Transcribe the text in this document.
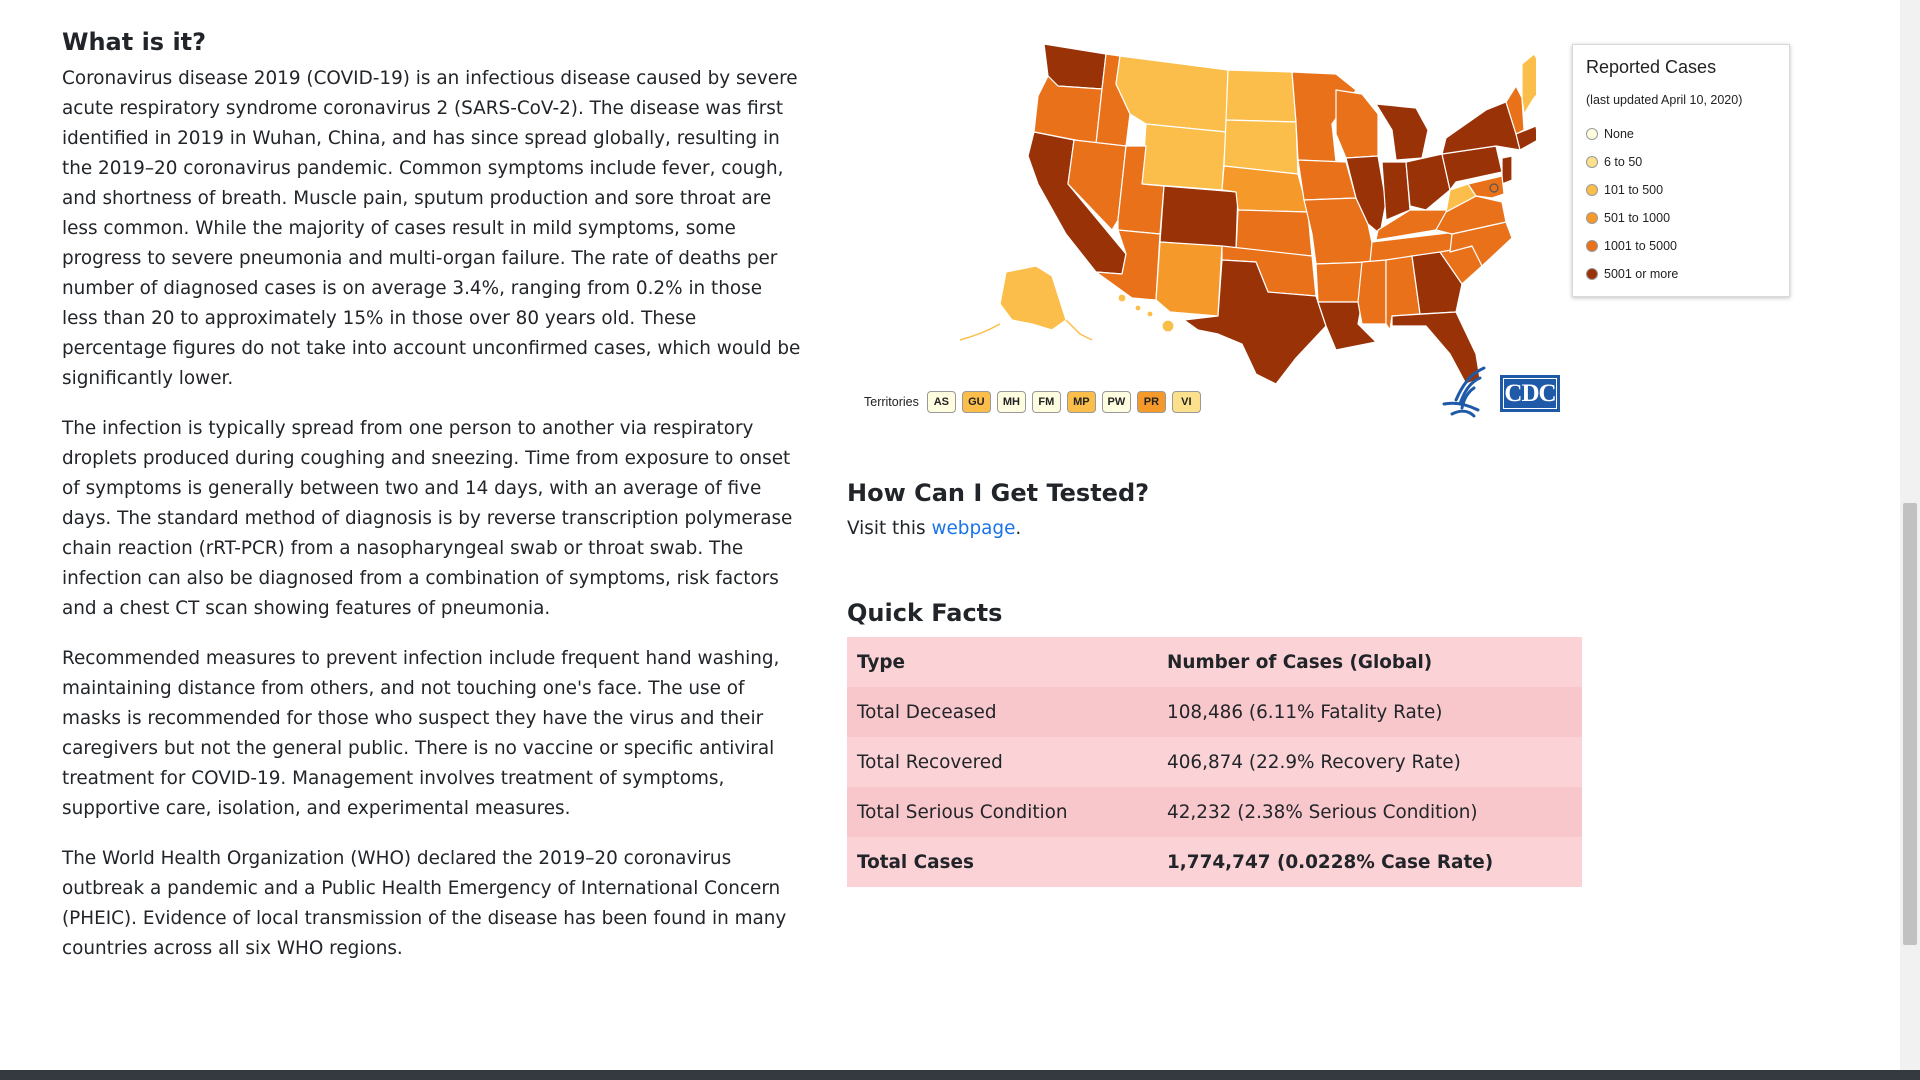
What is it?

Coronavirus disease 2019 (COVID-19) is an infectious disease caused by severe acute respiratory syndrome coronavirus 2 (SARS-CoV-2). The disease was first identified in 2019 in Wuhan, China, and has since spread globally, resulting in the 2019–20 coronavirus pandemic. Common symptoms include fever, cough, and shortness of breath. Muscle pain, sputum production and sore throat are less common. While the majority of cases result in mild symptoms, some progress to severe pneumonia and multi-organ failure. The rate of deaths per number of diagnosed cases is on average 3.4%, ranging from 0.2% in those less than 20 to approximately 15% in those over 80 years old. These percentage figures do not take into account unconfirmed cases, which would be significantly lower.

The infection is typically spread from one person to another via respiratory droplets produced during coughing and sneezing. Time from exposure to onset of symptoms is generally between two and 14 days, with an average of five days. The standard method of diagnosis is by reverse transcription polymerase chain reaction (rRT-PCR) from a nasopharyngeal swab or throat swab. The infection can also be diagnosed from a combination of symptoms, risk factors and a chest CT scan showing features of pneumonia.

Recommended measures to prevent infection include frequent hand washing, maintaining distance from others, and not touching one's face. The use of masks is recommended for those who suspect they have the virus and their caregivers but not the general public. There is no vaccine or specific antiviral treatment for COVID-19. Management involves treatment of symptoms, supportive care, isolation, and experimental measures.

The World Health Organization (WHO) declared the 2019–20 coronavirus outbreak a pandemic and a Public Health Emergency of International Concern (PHEIC). Evidence of local transmission of the disease has been found in many countries across all six WHO regions.

Reported Cases
(last updated April 10, 2020)
None
6 to 50
101 to 500
501 to 1000
1001 to 5000
5001 or more
Territories	AS	GU	MH	FM	MP	PW	PR	VI	CDC
How Can I Get Tested?

Visit this webpage.

Quick Facts
Type	Number of Cases (Global)
Total Deceased	108,486 (6.11% Fatality Rate)
Total Recovered	406,874 (22.9% Recovery Rate)
Total Serious Condition	42,232 (2.38% Serious Condition)
Total Cases	1,774,747 (0.0228% Case Rate)
